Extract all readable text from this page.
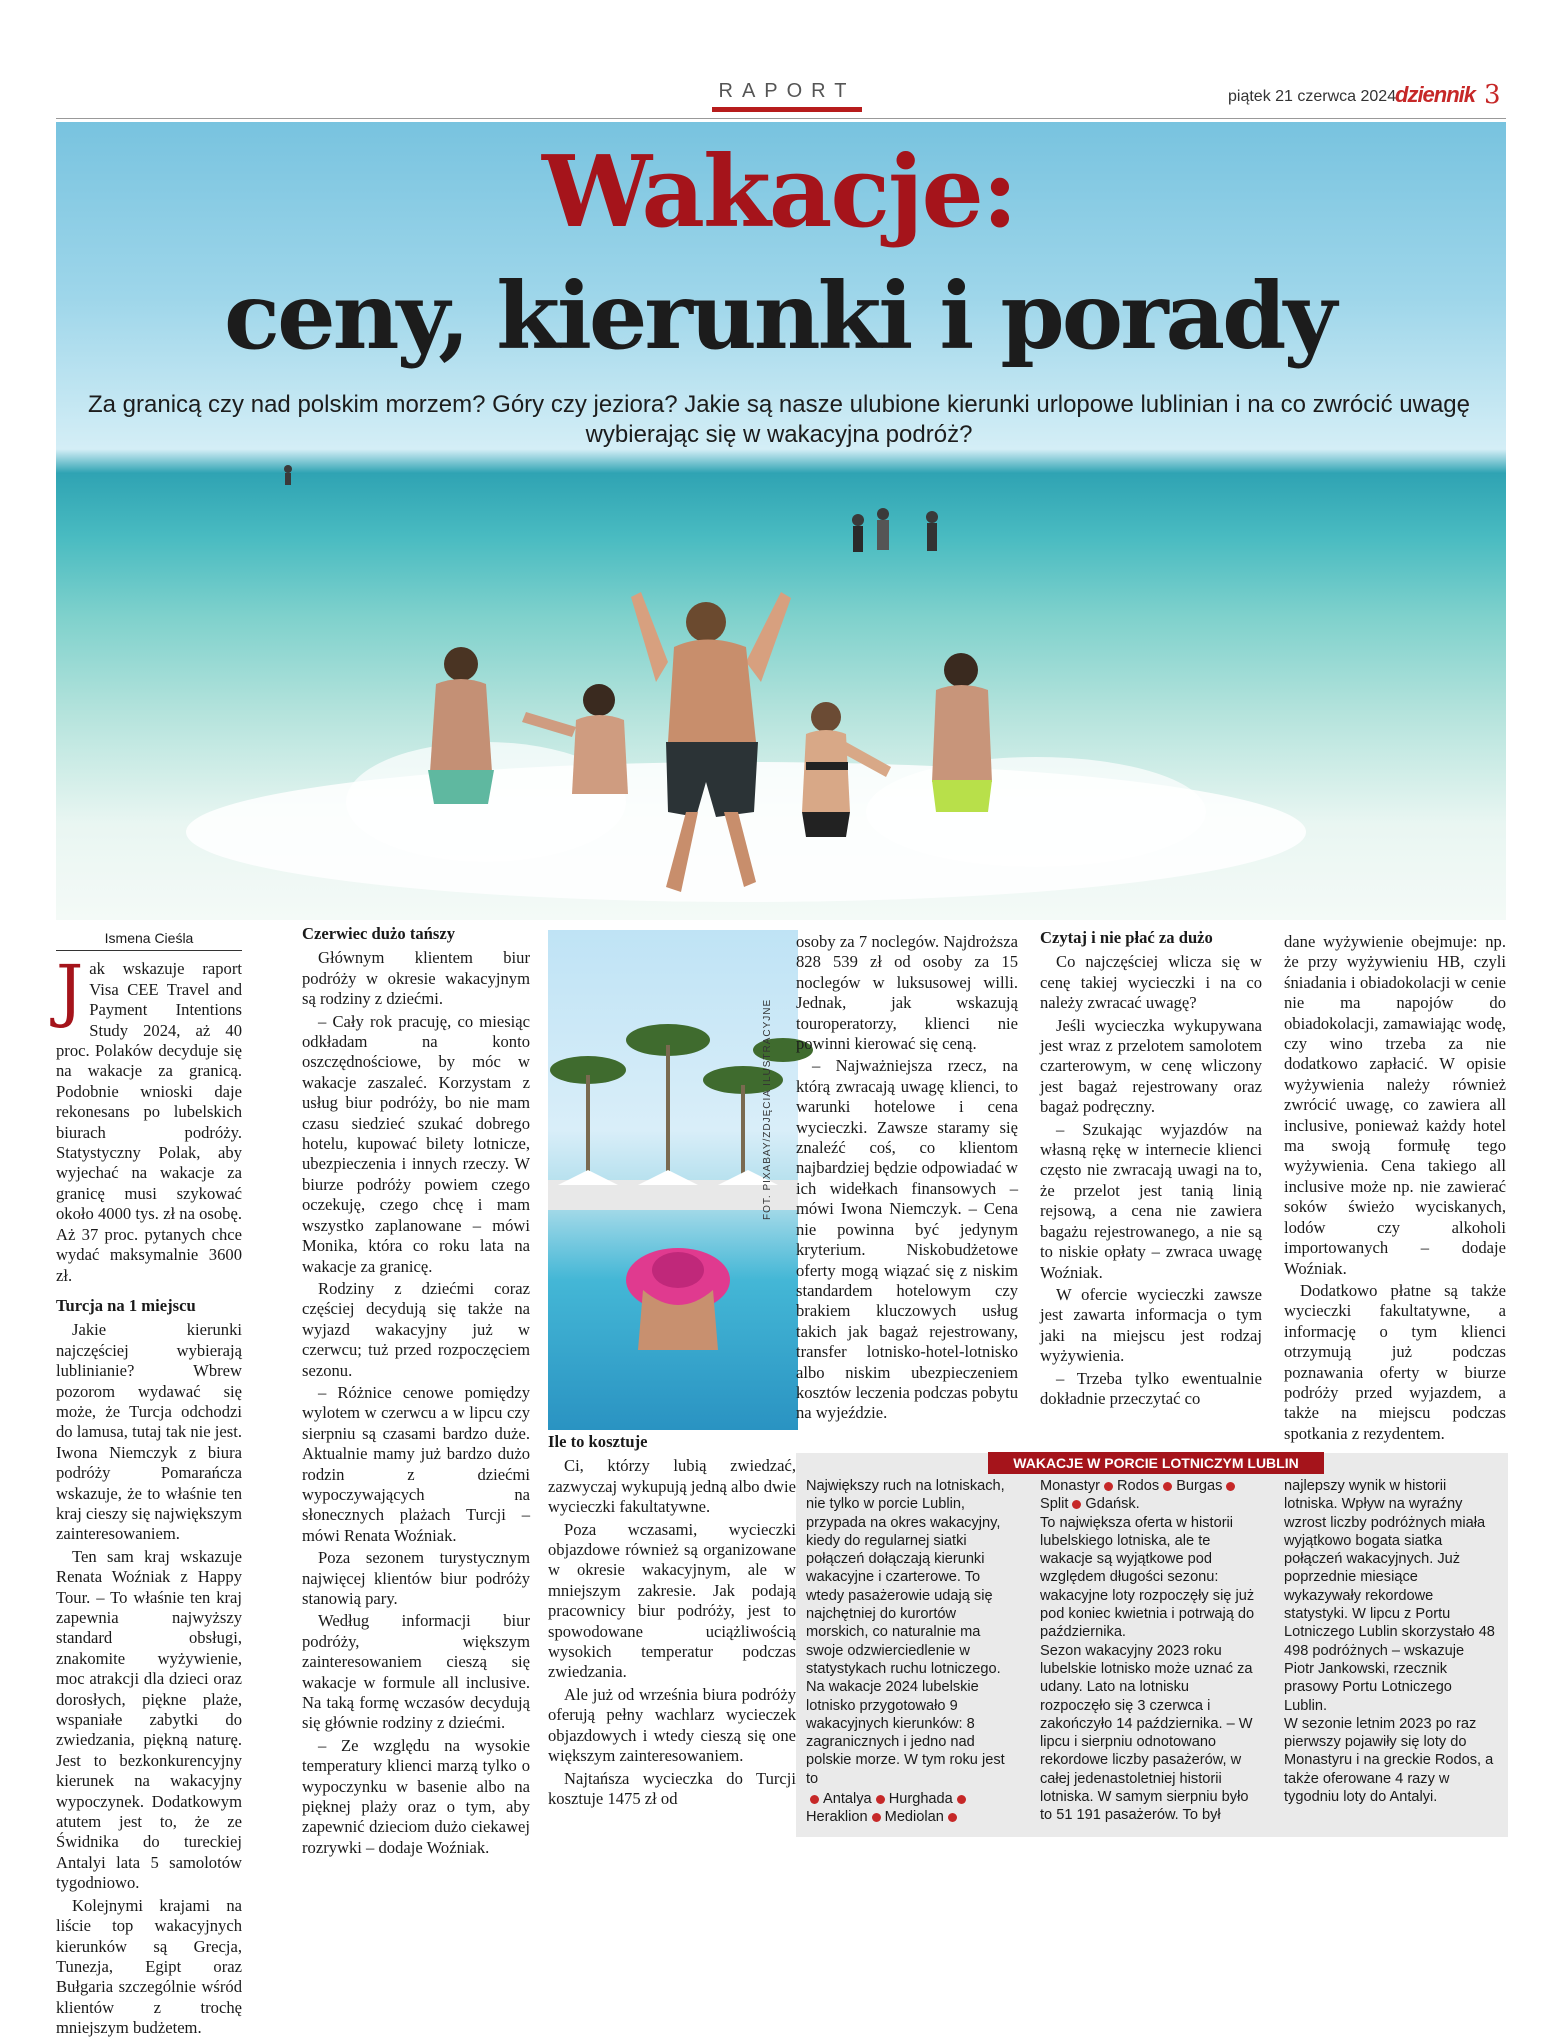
RAPORT	piątek 21 czerwca 2024
dziennik 3
Wakacje:
ceny, kierunki i porady
Za granicą czy nad polskim morzem? Góry czy jeziora? Jakie są nasze ulubione kierunki urlopowe lublinian i na co zwrócić uwagę wybierając się w wakacyjna podróż?
Ismena Cieśla

Jak wskazuje raport Visa CEE Travel and Payment Intentions Study 2024, aż 40 proc. Polaków decyduje się na wakacje za granicą. Podobnie wnioski daje rekonesans po lubelskich biurach podróży. Statystyczny Polak, aby wyjechać na wakacje za granicę musi szykować około 4000 tys. zł na osobę. Aż 37 proc. pytanych chce wydać maksymalnie 3600 zł.

Turcja na 1 miejscu

Jakie kierunki najczęściej wybierają lublinianie? Wbrew pozorom wydawać się może, że Turcja odchodzi do lamusa, tutaj tak nie jest. Iwona Niemczyk z biura podróży Pomarańcza wskazuje, że to właśnie ten kraj cieszy się największym zainteresowaniem.

Ten sam kraj wskazuje Renata Woźniak z Happy Tour. – To właśnie ten kraj zapewnia najwyższy standard obsługi, znakomite wyżywienie, moc atrakcji dla dzieci oraz dorosłych, piękne plaże, wspaniałe zabytki do zwiedzania, piękną naturę. Jest to bezkonkurencyjny kierunek na wakacyjny wypoczynek. Dodatkowym atutem jest to, że ze Świdnika do tureckiej Antalyi lata 5 samolotów tygodniowo.

Kolejnymi krajami na liście top wakacyjnych kierunków są Grecja, Tunezja, Egipt oraz Bułgaria szczególnie wśród klientów z trochę mniejszym budżetem.

Czerwiec dużo tańszy

Głównym klientem biur podróży w okresie wakacyjnym są rodziny z dziećmi.

– Cały rok pracuję, co miesiąc odkładam na konto oszczędnościowe, by móc w wakacje zaszaleć. Korzystam z usług biur podróży, bo nie mam czasu siedzieć szukać dobrego hotelu, kupować bilety lotnicze, ubezpieczenia i innych rzeczy. W biurze podróży powiem czego oczekuję, czego chcę i mam wszystko zaplanowane – mówi Monika, która co roku lata na wakacje za granicę.

Rodziny z dziećmi coraz częściej decydują się także na wyjazd wakacyjny już w czerwcu; tuż przed rozpoczęciem sezonu.

– Różnice cenowe pomiędzy wylotem w czerwcu a w lipcu czy sierpniu są czasami bardzo duże. Aktualnie mamy już bardzo dużo rodzin z dziećmi wypoczywających na słonecznych plażach Turcji – mówi Renata Woźniak.

Poza sezonem turystycznym najwięcej klientów biur podróży stanowią pary.

Według informacji biur podróży, większym zainteresowaniem cieszą się wakacje w formule all inclusive. Na taką formę wczasów decydują się głównie rodziny z dziećmi.

– Ze względu na wysokie temperatury klienci marzą tylko o wypoczynku w basenie albo na pięknej plaży oraz o tym, aby zapewnić dzieciom dużo ciekawej rozrywki – dodaje Woźniak.

FOT. PIXABAY/ZDJĘCIA ILUSTRACYJNE
Ile to kosztuje

Ci, którzy lubią zwiedzać, zazwyczaj wykupują jedną albo dwie wycieczki fakultatywne.

Poza wczasami, wycieczki objazdowe również są organizowane w okresie wakacyjnym, ale w mniejszym zakresie. Jak podają pracownicy biur podróży, jest to spowodowane uciążliwością wysokich temperatur podczas zwiedzania.

Ale już od września biura podróży oferują pełny wachlarz wycieczek objazdowych i wtedy cieszą się one większym zainteresowaniem.

Najtańsza wycieczka do Turcji kosztuje 1475 zł od

osoby za 7 noclegów. Najdroższa 828 539 zł od osoby za 15 noclegów w luksusowej willi. Jednak, jak wskazują touroperatorzy, klienci nie powinni kierować się ceną.

– Najważniejsza rzecz, na którą zwracają uwagę klienci, to warunki hotelowe i cena wycieczki. Zawsze staramy się znaleźć coś, co klientom najbardziej będzie odpowiadać w ich widełkach finansowych – mówi Iwona Niemczyk. – Cena nie powinna być jedynym kryterium. Niskobudżetowe oferty mogą wiązać się z niskim standardem hotelowym czy brakiem kluczowych usług takich jak bagaż rejestrowany, transfer lotnisko-hotel-lotnisko albo niskim ubezpieczeniem kosztów leczenia podczas pobytu na wyjeździe.

Czytaj i nie płać za dużo

Co najczęściej wlicza się w cenę takiej wycieczki i na co należy zwracać uwagę?

Jeśli wycieczka wykupywana jest wraz z przelotem samolotem czarterowym, w cenę wliczony jest bagaż rejestrowany oraz bagaż podręczny.

– Szukając wyjazdów na własną rękę w internecie klienci często nie zwracają uwagi na to, że przelot jest tanią linią rejsową, a cena nie zawiera bagażu rejestrowanego, a nie są to niskie opłaty – zwraca uwagę Woźniak.

W ofercie wycieczki zawsze jest zawarta informacja o tym jaki na miejscu jest rodzaj wyżywienia.

– Trzeba tylko ewentualnie dokładnie przeczytać co

dane wyżywienie obejmuje: np. że przy wyżywieniu HB, czyli śniadania i obiadokolacji w cenie nie ma napojów do obiadokolacji, zamawiając wodę, czy wino trzeba za nie dodatkowo zapłacić. W opisie wyżywienia należy również zwrócić uwagę, co zawiera all inclusive, ponieważ każdy hotel ma swoją formułę tego wyżywienia. Cena takiego all inclusive może np. nie zawierać soków świeżo wyciskanych, lodów czy alkoholi importowanych – dodaje Woźniak.

Dodatkowo płatne są także wycieczki fakultatywne, a informację o tym klienci otrzymują już podczas poznawania oferty w biurze podróży przed wyjazdem, a także na miejscu podczas spotkania z rezydentem.

WAKACJE W PORCIE LOTNICZYM LUBLIN
Największy ruch na lotniskach, nie tylko w porcie Lublin, przypada na okres wakacyjny, kiedy do regularnej siatki połączeń dołączają kierunki wakacyjne i czarterowe. To wtedy pasażerowie udają się najchętniej do kurortów morskich, co naturalnie ma swoje odzwierciedlenie w statystykach ruchu lotniczego. Na wakacje 2024 lubelskie lotnisko przygotowało 9 wakacyjnych kierunków: 8 zagranicznych i jedno nad polskie morze. W tym roku jest to
Antalya Hurghada
Heraklion Mediolan
Monastyr Rodos Burgas
Split Gdańsk.
To największa oferta w historii lubelskiego lotniska, ale te wakacje są wyjątkowe pod względem długości sezonu: wakacyjne loty rozpoczęły się już pod koniec kwietnia i potrwają do października.
Sezon wakacyjny 2023 roku lubelskie lotnisko może uznać za udany. Lato na lotnisku rozpoczęło się 3 czerwca i zakończyło 14 października. – W lipcu i sierpniu odnotowano rekordowe liczby pasażerów, w całej jedenastoletniej historii lotniska. W samym sierpniu było to 51 191 pasażerów. To był
najlepszy wynik w historii lotniska. Wpływ na wyraźny wzrost liczby podróżnych miała wyjątkowo bogata siatka połączeń wakacyjnych. Już poprzednie miesiące wykazywały rekordowe statystyki. W lipcu z Portu Lotniczego Lublin skorzystało 48 498 podróżnych – wskazuje Piotr Jankowski, rzecznik prasowy Portu Lotniczego Lublin.
W sezonie letnim 2023 po raz pierwszy pojawiły się loty do Monastyru i na greckie Rodos, a także oferowane 4 razy w tygodniu loty do Antalyi.
